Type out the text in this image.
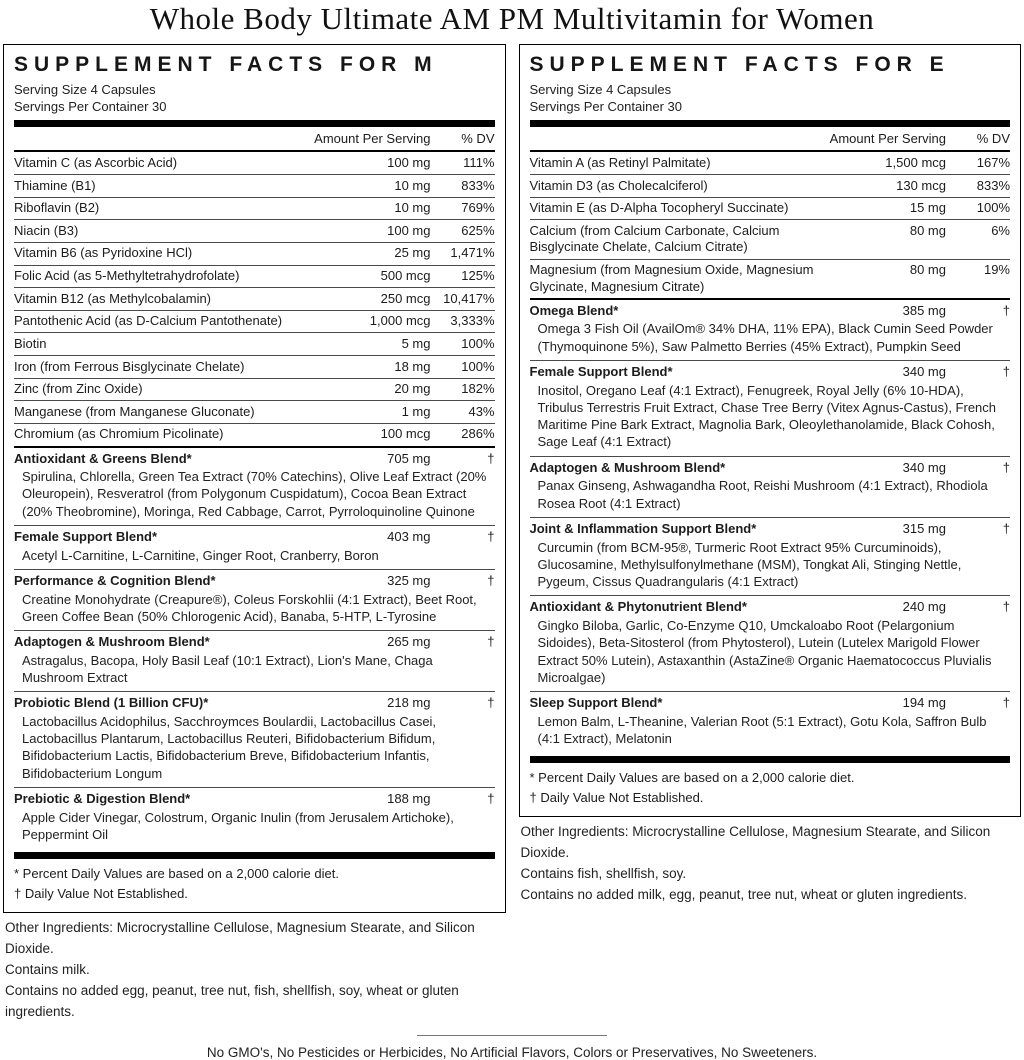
Whole Body Ultimate AM PM Multivitamin for Women
SUPPLEMENT FACTS FOR M
Serving Size 4 Capsules
Servings Per Container 30
Amount Per Serving	% DV
Vitamin C (as Ascorbic Acid)	100 mg	111%
Thiamine (B1)	10 mg	833%
Riboflavin (B2)	10 mg	769%
Niacin (B3)	100 mg	625%
Vitamin B6 (as Pyridoxine HCl)	25 mg	1,471%
Folic Acid (as 5-Methyltetrahydrofolate)	500 mcg	125%
Vitamin B12 (as Methylcobalamin)	250 mcg 10,417%
Pantothenic Acid (as D-Calcium Pantothenate)	1,000 mcg	3,333%
Biotin	5 mg	100%
Iron (from Ferrous Bisglycinate Chelate)	18 mg	100%
Zinc (from Zinc Oxide)	20 mg	182%
Manganese (from Manganese Gluconate)	1 mg	43%
Chromium (as Chromium Picolinate)	100 mcg	286%
Antioxidant & Greens Blend*	705 mg	†
Spirulina, Chlorella, Green Tea Extract (70% Catechins), Olive Leaf Extract (20% Oleuropein), Resveratrol (from Polygonum Cuspidatum), Cocoa Bean Extract (20% Theobromine), Moringa, Red Cabbage, Carrot, Pyrroloquinoline Quinone
Female Support Blend*	403 mg	†
Acetyl L-Carnitine, L-Carnitine, Ginger Root, Cranberry, Boron
Performance & Cognition Blend*	325 mg	†
Creatine Monohydrate (Creapure®), Coleus Forskohlii (4:1 Extract), Beet Root, Green Coffee Bean (50% Chlorogenic Acid), Banaba, 5-HTP, L-Tyrosine
Adaptogen & Mushroom Blend*	265 mg	†
Astragalus, Bacopa, Holy Basil Leaf (10:1 Extract), Lion's Mane, Chaga Mushroom Extract
Probiotic Blend (1 Billion CFU)*	218 mg	†
Lactobacillus Acidophilus, Sacchroymces Boulardii, Lactobacillus Casei, Lactobacillus Plantarum, Lactobacillus Reuteri, Bifidobacterium Bifidum, Bifidobacterium Lactis, Bifidobacterium Breve, Bifidobacterium Infantis, Bifidobacterium Longum
Prebiotic & Digestion Blend*	188 mg	†
Apple Cider Vinegar, Colostrum, Organic Inulin (from Jerusalem Artichoke), Peppermint Oil
* Percent Daily Values are based on a 2,000 calorie diet.
† Daily Value Not Established.
Other Ingredients: Microcrystalline Cellulose, Magnesium Stearate, and Silicon Dioxide.
Contains milk.
Contains no added egg, peanut, tree nut, fish, shellfish, soy, wheat or gluten ingredients.
SUPPLEMENT FACTS FOR E
Serving Size 4 Capsules
Servings Per Container 30
Amount Per Serving	% DV
Vitamin A (as Retinyl Palmitate)	1,500 mcg	167%
Vitamin D3 (as Cholecalciferol)	130 mcg	833%
Vitamin E (as D-Alpha Tocopheryl Succinate)	15 mg	100%
Calcium (from Calcium Carbonate, Calcium Bisglycinate Chelate, Calcium Citrate)
80 mg	6%
Magnesium (from Magnesium Oxide, Magnesium Glycinate, Magnesium Citrate)
80 mg	19%
Omega Blend*	385 mg	†
Omega 3 Fish Oil (AvailOm® 34% DHA, 11% EPA), Black Cumin Seed Powder (Thymoquinone 5%), Saw Palmetto Berries (45% Extract), Pumpkin Seed
Female Support Blend*	340 mg	†
Inositol, Oregano Leaf (4:1 Extract), Fenugreek, Royal Jelly (6% 10-HDA), Tribulus Terrestris Fruit Extract, Chase Tree Berry (Vitex Agnus-Castus), French Maritime Pine Bark Extract, Magnolia Bark, Oleoylethanolamide, Black Cohosh, Sage Leaf (4:1 Extract)
Adaptogen & Mushroom Blend*	340 mg	†
Panax Ginseng, Ashwagandha Root, Reishi Mushroom (4:1 Extract), Rhodiola Rosea Root (4:1 Extract)
Joint & Inflammation Support Blend*	315 mg	†
Curcumin (from BCM-95®, Turmeric Root Extract 95% Curcuminoids), Glucosamine, Methylsulfonylmethane (MSM), Tongkat Ali, Stinging Nettle, Pygeum, Cissus Quadrangularis (4:1 Extract)
Antioxidant & Phytonutrient Blend*	240 mg	†
Gingko Biloba, Garlic, Co-Enzyme Q10, Umckaloabo Root (Pelargonium Sidoides), Beta-Sitosterol (from Phytosterol), Lutein (Lutelex Marigold Flower Extract 50% Lutein), Astaxanthin (AstaZine® Organic Haematococcus Pluvialis Microalgae)
Sleep Support Blend*	194 mg	†
Lemon Balm, L-Theanine, Valerian Root (5:1 Extract), Gotu Kola, Saffron Bulb (4:1 Extract), Melatonin
* Percent Daily Values are based on a 2,000 calorie diet.
† Daily Value Not Established.
Other Ingredients: Microcrystalline Cellulose, Magnesium Stearate, and Silicon Dioxide.
Contains fish, shellfish, soy.
Contains no added milk, egg, peanut, tree nut, wheat or gluten ingredients.
No GMO's, No Pesticides or Herbicides, No Artificial Flavors, Colors or Preservatives, No Sweeteners.
